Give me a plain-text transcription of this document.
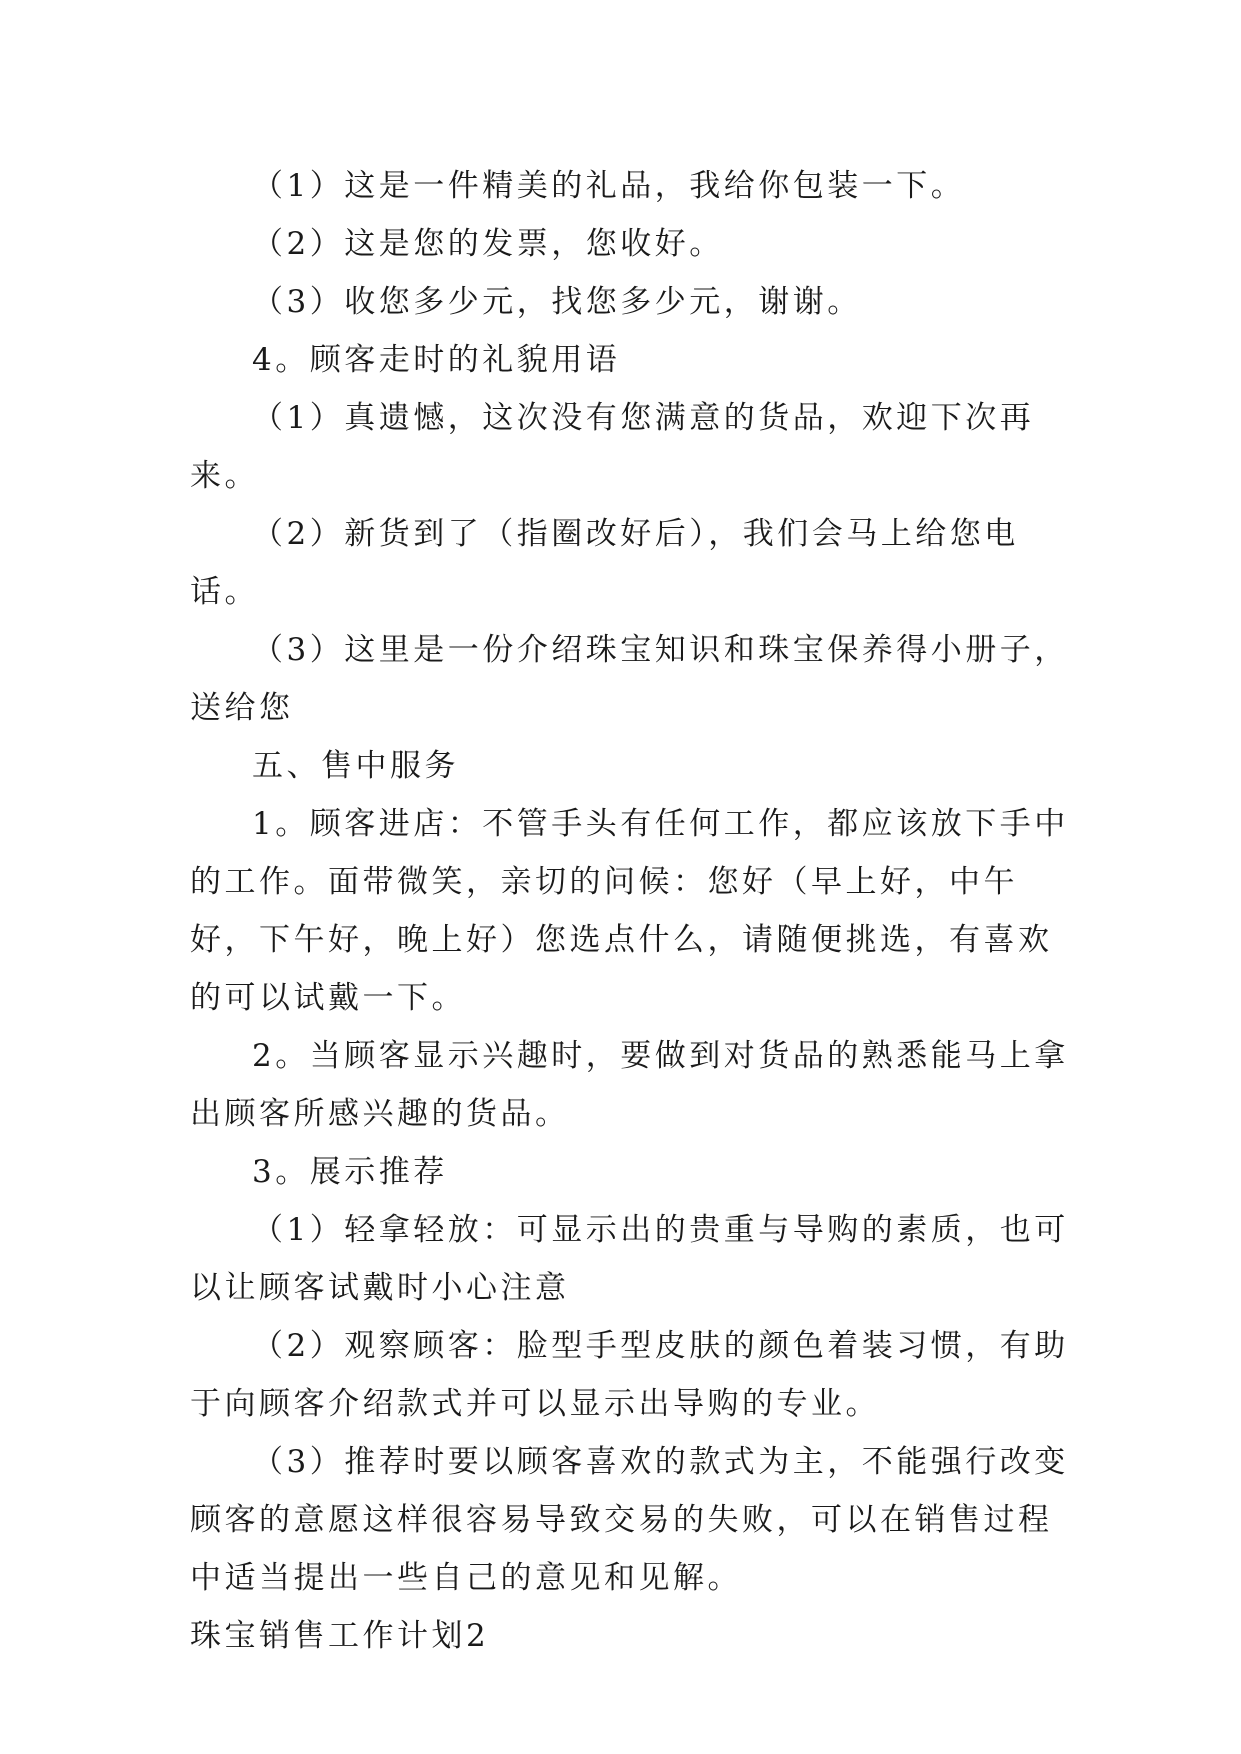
（1）这是一件精美的礼品，我给你包装一下。

（2）这是您的发票，您收好。

（3）收您多少元，找您多少元，谢谢。

4。顾客走时的礼貌用语

（1）真遗憾，这次没有您满意的货品，欢迎下次再来。

（2）新货到了（指圈改好后），我们会马上给您电话。

（3）这里是一份介绍珠宝知识和珠宝保养得小册子，送给您

五、售中服务

1。顾客进店：不管手头有任何工作，都应该放下手中的工作。面带微笑，亲切的问候：您好（早上好，中午好，下午好，晚上好）您选点什么，请随便挑选，有喜欢的可以试戴一下。

2。当顾客显示兴趣时，要做到对货品的熟悉能马上拿出顾客所感兴趣的货品。

3。展示推荐

（1）轻拿轻放：可显示出的贵重与导购的素质，也可以让顾客试戴时小心注意

（2）观察顾客：脸型手型皮肤的颜色着装习惯，有助于向顾客介绍款式并可以显示出导购的专业。

（3）推荐时要以顾客喜欢的款式为主，不能强行改变顾客的意愿这样很容易导致交易的失败，可以在销售过程中适当提出一些自己的意见和见解。

珠宝销售工作计划2
